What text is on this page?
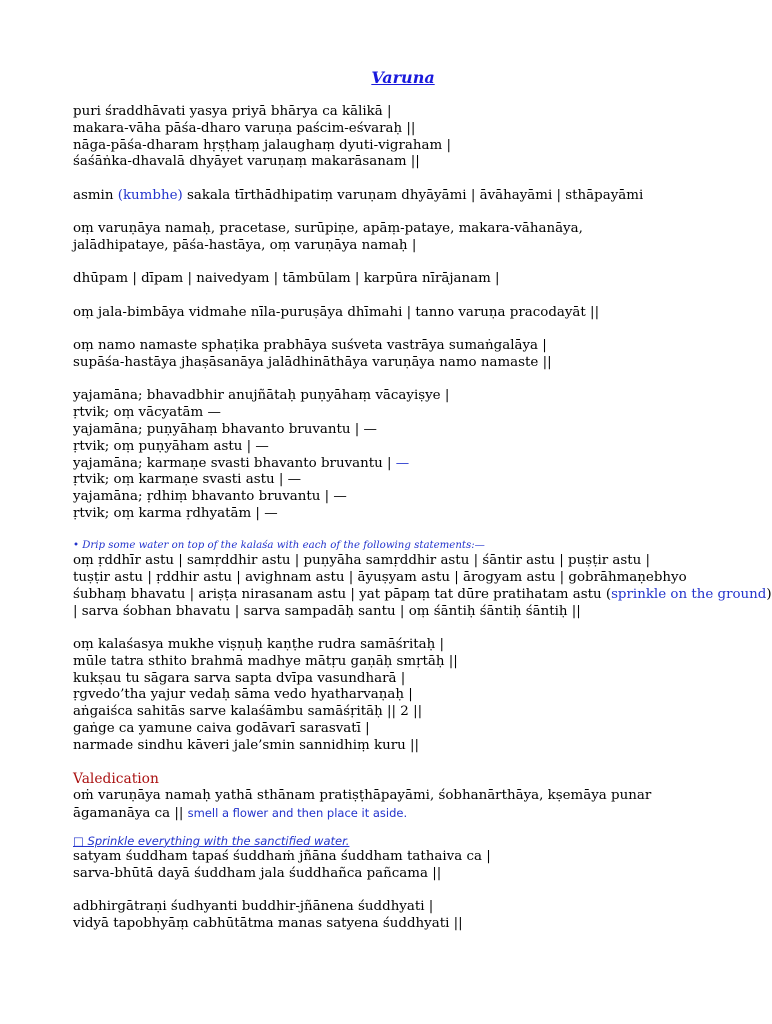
Varuna
puri śraddhāvati yasya priyā bhārya ca kālikā |
makara-vāha pāśa-dharo varuṇa paścim-eśvaraḥ ||
nāga-pāśa-dharam hṛṣṭhaṃ jalaughaṃ dyuti-vigraham |
śaśāṅka-dhavalā dhyāyet varuṇaṃ makarāsanam ||
asmin (kumbhe) sakala tīrthādhipatiṃ varuṇam dhyāyāmi | āvāhayāmi | sthāpayāmi
oṃ varuṇāya namaḥ, pracetase, surūpiṇe, apāṃ-pataye, makara-vāhanāya,
jalādhipataye, pāśa-hastāya, oṃ varuṇāya namaḥ |
dhūpam | dīpam | naivedyam | tāmbūlam | karpūra nīrājanam |
oṃ jala-bimbāya vidmahe nīla-puruṣāya dhīmahi | tanno varuṇa pracodayāt ||
oṃ namo namaste sphaṭika prabhāya suśveta vastrāya sumaṅgalāya |
supāśa-hastāya jhaṣāsanāya jalādhināthāya varuṇāya namo namaste ||
yajamāna; bhavadbhir anujñātaḥ puṇyāhaṃ vācayiṣye |
ṛtvik; oṃ vācyatām —
yajamāna; puṇyāhaṃ bhavanto bruvantu | —
ṛtvik; oṃ puṇyāham astu | —
yajamāna; karmaṇe svasti bhavanto bruvantu | —
ṛtvik; oṃ karmaṇe svasti astu | —
yajamāna; ṛdhiṃ bhavanto bruvantu | —
ṛtvik; oṃ karma ṛdhyatām | —
• Drip some water on top of the kalaśa with each of the following statements:—
oṃ ṛddhīr astu | samṛddhir astu | puṇyāha samṛddhir astu | śāntir astu | puṣṭir astu |
tuṣṭir astu | ṛddhir astu | avighnam astu | āyuṣyam astu | ārogyam astu | gobrāhmaṇebhyo
śubhaṃ bhavatu | ariṣṭa nirasanam astu | yat pāpaṃ tat dūre pratihatam astu (sprinkle on the ground)
| sarva śobhan bhavatu | sarva sampadāḥ santu | oṃ śāntiḥ śāntiḥ śāntiḥ ||
oṃ kalaśasya mukhe viṣṇuḥ kaṇṭhe rudra samāśritaḥ |
mūle tatra sthito brahmā madhye mātṛu gaṇāḥ smṛtāḥ ||
kukṣau tu sāgara sarva sapta dvīpa vasundharā |
ṛgvedo’tha yajur vedaḥ sāma vedo hyatharvaṇaḥ |
aṅgaiśca sahitās sarve kalaśāmbu samāśṛitāḥ || 2 ||
gaṅge ca yamune caiva godāvarī sarasvatī |
narmade sindhu kāveri jale’smin sannidhiṃ kuru ||
Valedication
oṁ varuṇāya namaḥ yathā sthānam pratiṣṭhāpayāmi, śobhanārthāya, kṣemāya punar
āgamanāya ca || smell a flower and then place it aside.
□ Sprinkle everything with the sanctified water.
satyam śuddham tapaś śuddhaṁ jñāna śuddham tathaiva ca |
sarva-bhūtā dayā śuddham jala śuddhañca pañcama ||
adbhirgātraṇi śudhyanti buddhir-jñānena śuddhyati |
vidyā tapobhyāṃ cabhūtātma manas satyena śuddhyati ||
